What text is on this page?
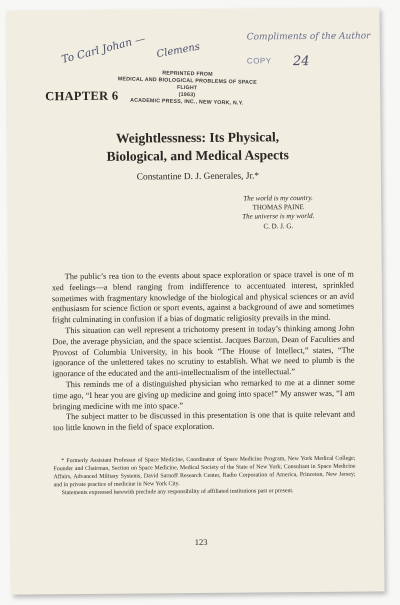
To Carl Johan — Clemens
Compliments of the Author
COPY 24
CHAPTER 6
REPRINTED FROM
MEDICAL AND BIOLOGICAL PROBLEMS OF SPACE FLIGHT
(1963)
ACADEMIC PRESS, INC., NEW YORK, N.Y.
Weightlessness: Its Physical,
Biological, and Medical Aspects
Constantine D. J. Generales, Jr.*
The world is my country.
THOMAS PAINE
The universe is my world.
C. D. J. G.

The public’s rea tion to the events about space exploration or space travel is one of m xed feelings—a blend ranging from indifference to accentuated interest, sprinkled sometimes with fragmentary knowledge of the biological and physical sciences or an avid enthusiasm for science fiction or sport events, against a background of awe and sometimes fright culminating in confusion if a bias of dogmatic religiosity prevails in the mind.

This situation can well represent a trichotomy present in today’s thinking among John Doe, the average physician, and the space scientist. Jacques Barzun, Dean of Faculties and Provost of Columbia University, in his book “The House of Intellect,” states, “The ignorance of the unlettered takes no scrutiny to establish. What we need to plumb is the ignorance of the educated and the anti-intellectualism of the intellectual.”

This reminds me of a distinguished physician who remarked to me at a dinner some time ago, “I hear you are giving up medicine and going into space!” My answer was, “I am bringing medicine with me into space.”

The subject matter to be discussed in this presentation is one that is quite relevant and too little known in the field of space exploration.

* Formerly Assistant Professor of Space Medicine, Coordinator of Space Medicine Program, New York Medical College; Founder and Chairman, Section on Space Medicine, Medical Society of the State of New York; Consultant in Space Medicine Affairs, Advanced Military Systems, David Sarnoff Research Center, Radio Corporation of America, Princeton, New Jersey; and in private practice of medicine in New York City.

Statements expressed herewith preclude any responsibility of affiliated institutions past or present.

123
